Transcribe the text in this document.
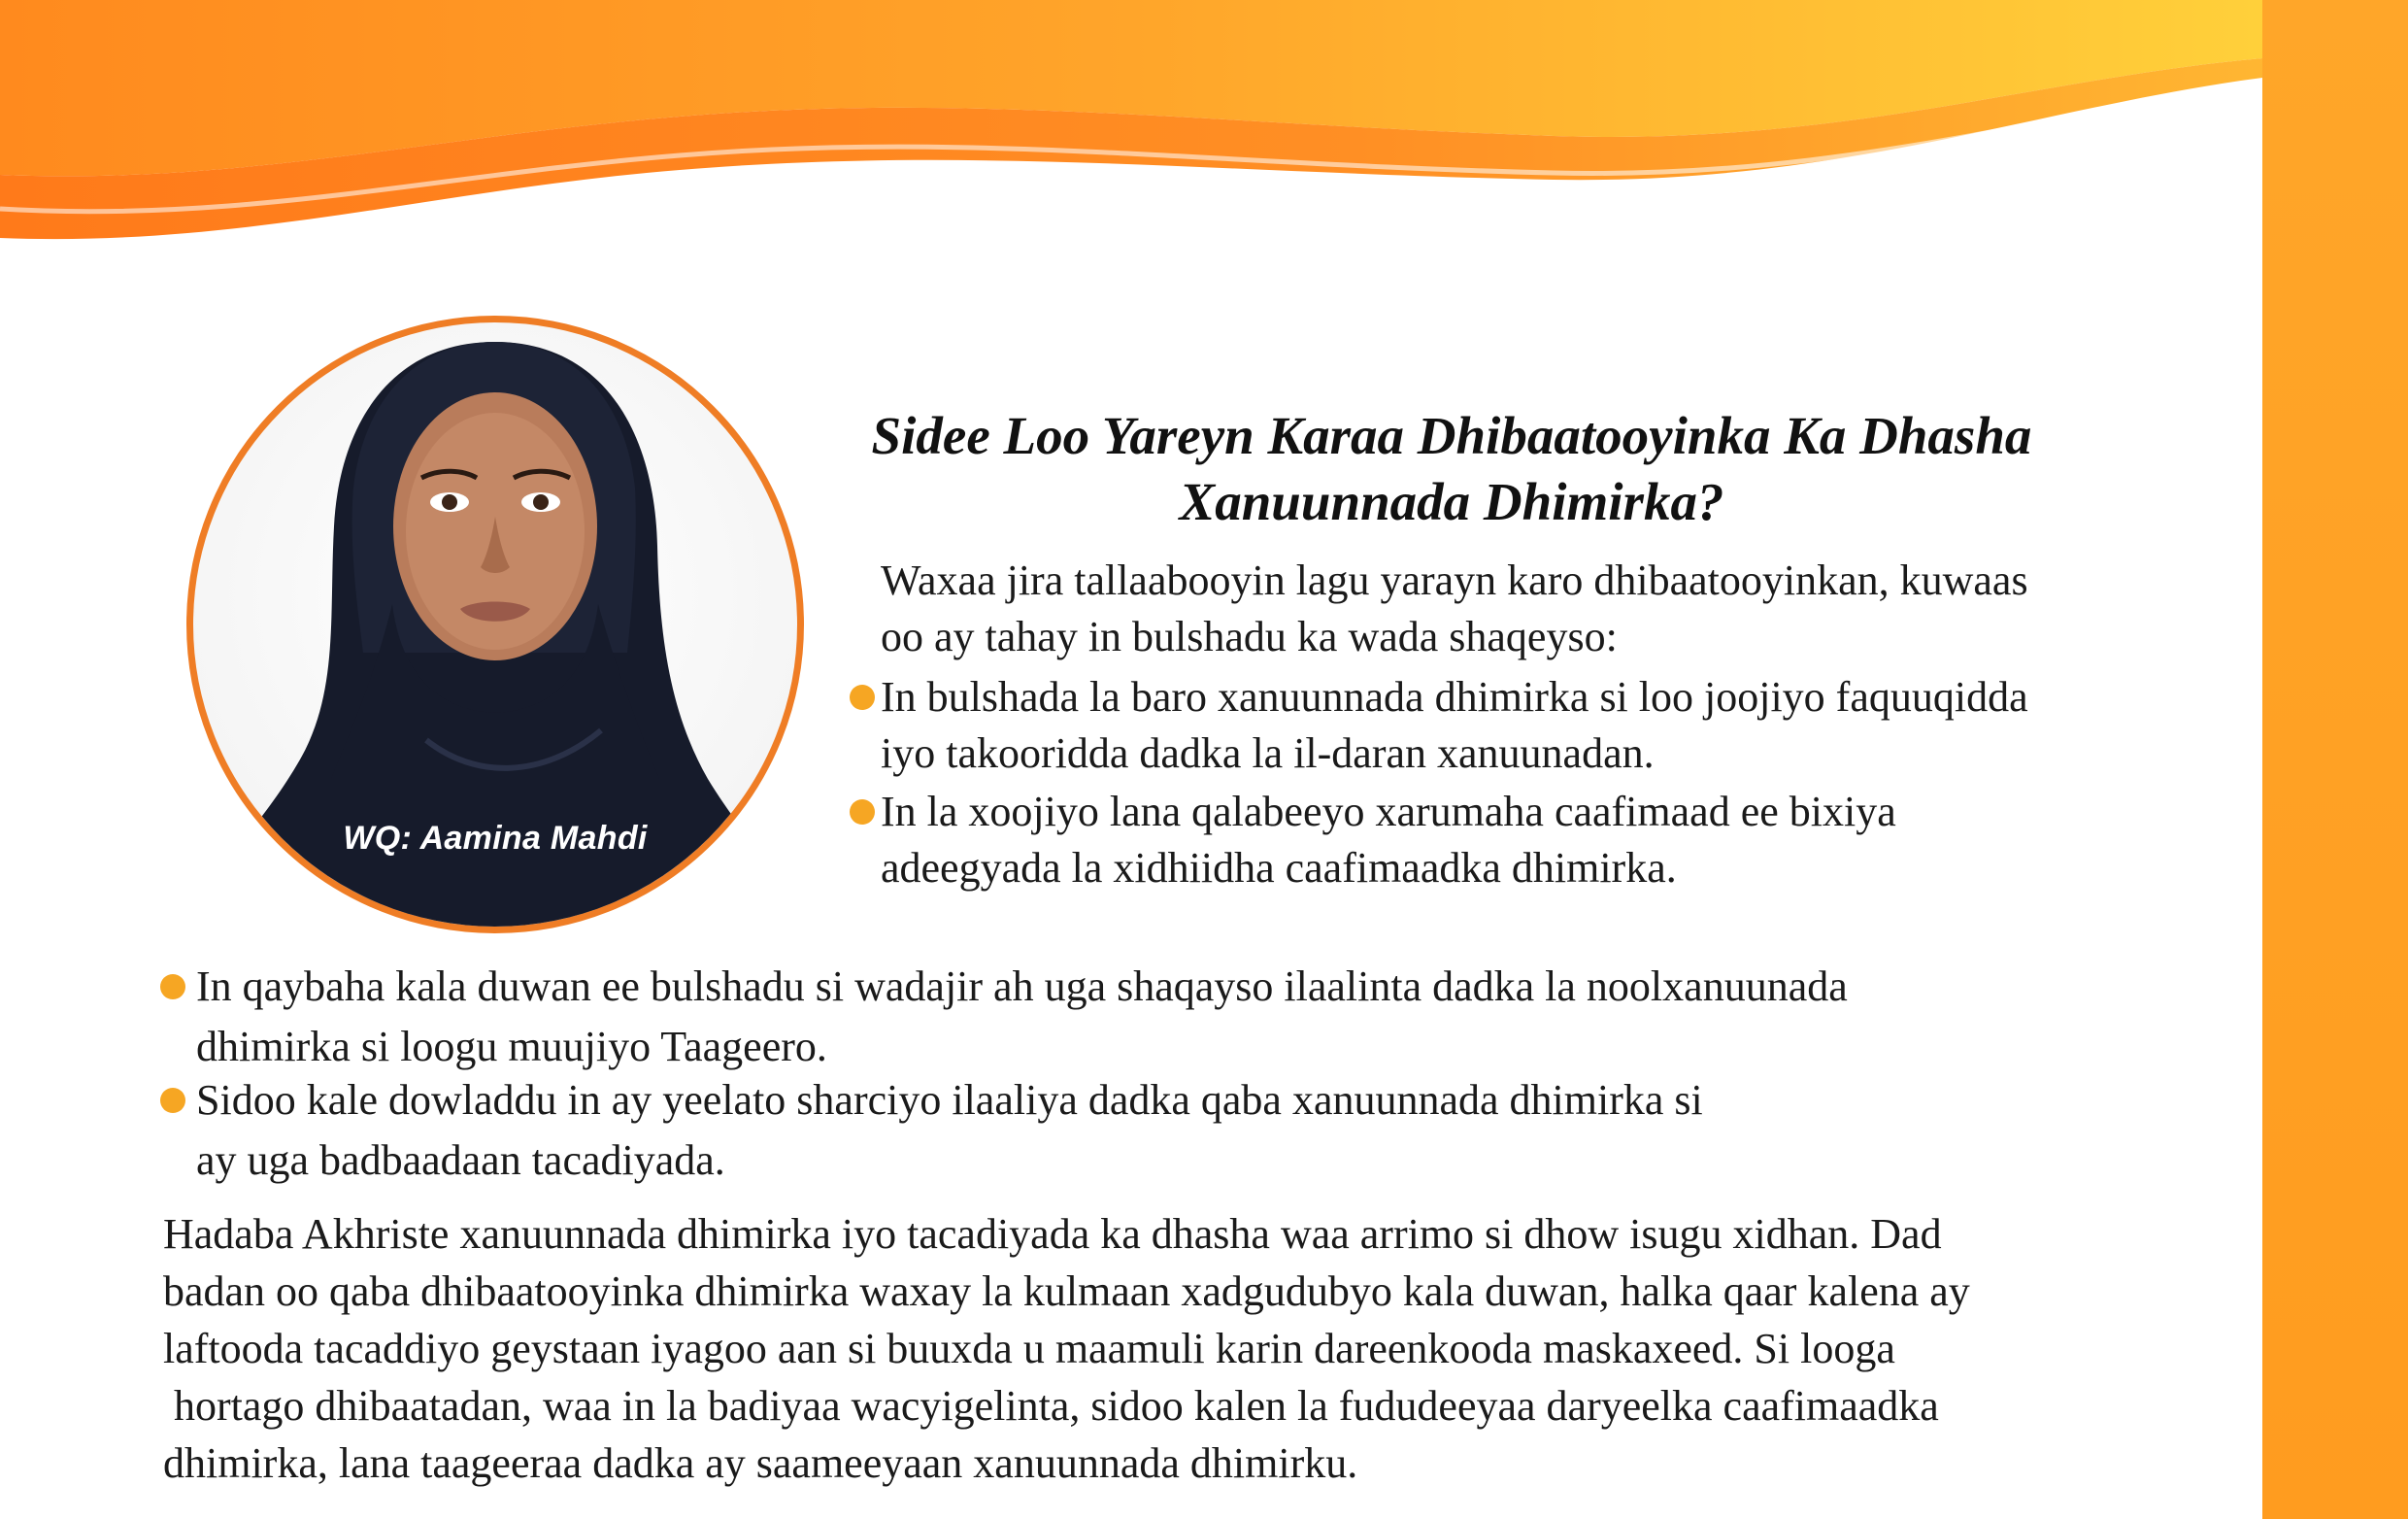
WQ: Aamina Mahdi
Sidee Loo Yareyn Karaa Dhibaatooyinka Ka Dhasha
Xanuunnada Dhimirka?
Waxaa jira tallaabooyin lagu yarayn karo dhibaatooyinkan, kuwaas
oo ay tahay in bulshadu ka wada shaqeyso:
In bulshada la baro xanuunnada dhimirka si loo joojiyo faquuqidda
iyo takooridda dadka la il-daran xanuunadan.
In la xoojiyo lana qalabeeyo xarumaha caafimaad ee bixiya
adeegyada la xidhiidha caafimaadka dhimirka.
In qaybaha kala duwan ee bulshadu si wadajir ah uga shaqayso ilaalinta dadka la noolxanuunada
dhimirka si loogu muujiyo Taageero.
Sidoo kale dowladdu in ay yeelato sharciyo ilaaliya dadka qaba xanuunnada dhimirka si
ay uga badbaadaan tacadiyada.
Hadaba Akhriste xanuunnada dhimirka iyo tacadiyada ka dhasha waa arrimo si dhow isugu xidhan. Dad
badan oo qaba dhibaatooyinka dhimirka waxay la kulmaan xadgudubyo kala duwan, halka qaar kalena ay
laftooda tacaddiyo geystaan iyagoo aan si buuxda u maamuli karin dareenkooda maskaxeed. Si looga
hortago dhibaatadan, waa in la badiyaa wacyigelinta, sidoo kalen la fududeeyaa daryeelka caafimaadka
dhimirka, lana taageeraa dadka ay saameeyaan xanuunnada dhimirku.
